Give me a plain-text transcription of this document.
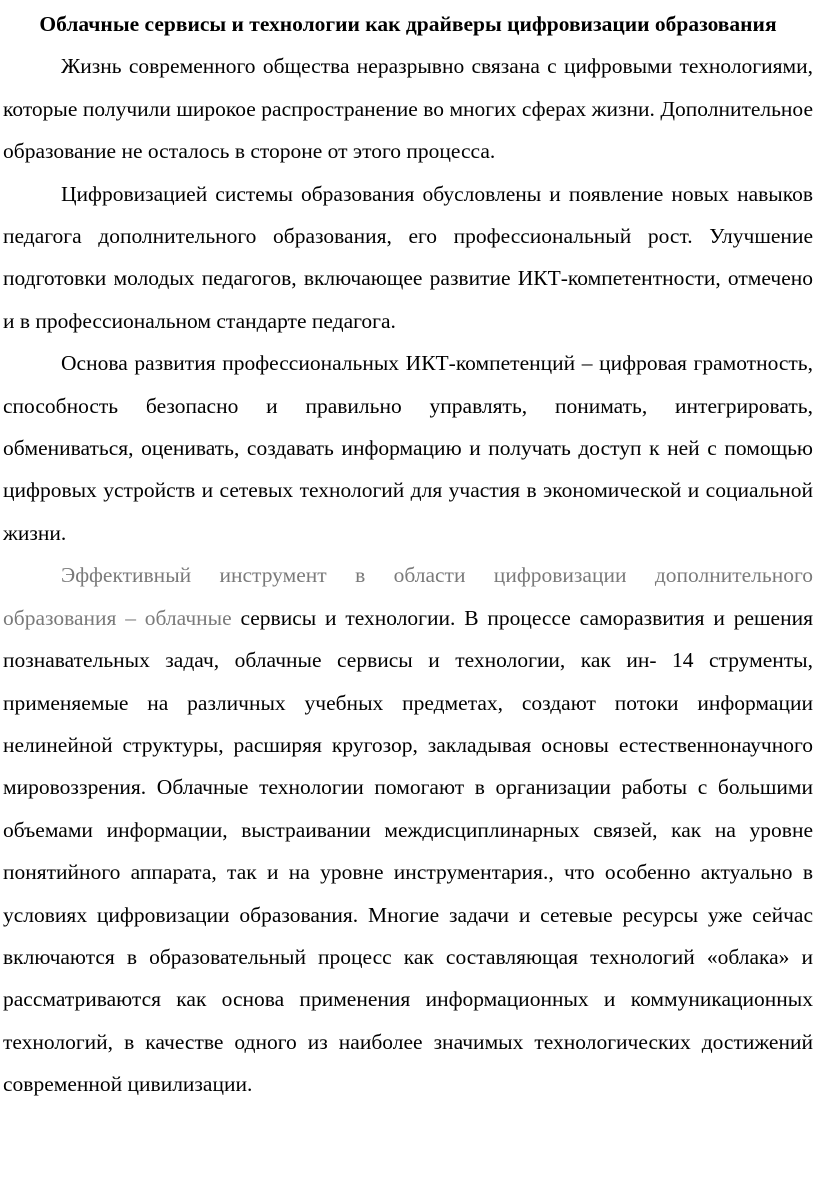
Облачные сервисы и технологии как драйверы цифровизации образования

Жизнь современного общества неразрывно связана с цифровыми технологиями, которые получили широкое распространение во многих сферах жизни. Дополнительное образование не осталось в стороне от этого процесса.

Цифровизацией системы образования обусловлены и появление новых навыков педагога дополнительного образования, его профессиональный рост. Улучшение подготовки молодых педагогов, включающее развитие ИКТ-компетентности, отмечено и в профессиональном стандарте педагога.

Основа развития профессиональных ИКТ-компетенций – цифровая грамотность, способность безопасно и правильно управлять, понимать, интегрировать, обмениваться, оценивать, создавать информацию и получать доступ к ней с помощью цифровых устройств и сетевых технологий для участия в экономической и социальной жизни.

Эффективный инструмент в области цифровизации дополнительного образования – облачные сервисы и технологии. В процессе саморазвития и решения познавательных задач, облачные сервисы и технологии, как ин- 14 струменты, применяемые на различных учебных предметах, создают потоки информации нелинейной структуры, расширяя кругозор, закладывая основы естественнонаучного мировоззрения. Облачные технологии помогают в организации работы с большими объемами информации, выстраивании междисциплинарных связей, как на уровне понятийного аппарата, так и на уровне инструментария., что особенно актуально в условиях цифровизации образования. Многие задачи и сетевые ресурсы уже сейчас включаются в образовательный процесс как составляющая технологий «облака» и рассматриваются как основа применения информационных и коммуникационных технологий, в качестве одного из наиболее значимых технологических достижений современной цивилизации.
